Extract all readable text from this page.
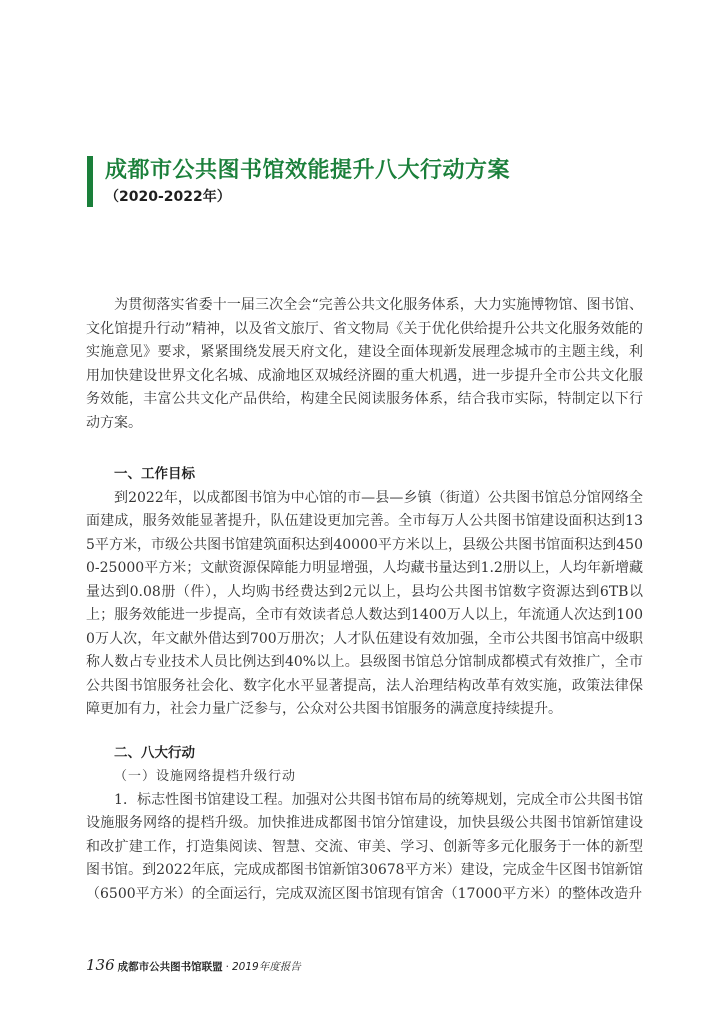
成都市公共图书馆效能提升八大行动方案
（2020-2022年）

为贯彻落实省委十一届三次全会“完善公共文化服务体系，大力实施博物馆、图书馆、文化馆提升行动”精神，以及省文旅厅、省文物局《关于优化供给提升公共文化服务效能的实施意见》要求，紧紧围绕发展天府文化，建设全面体现新发展理念城市的主题主线，利用加快建设世界文化名城、成渝地区双城经济圈的重大机遇，进一步提升全市公共文化服务效能，丰富公共文化产品供给，构建全民阅读服务体系，结合我市实际，特制定以下行动方案。

一、工作目标

到2022年，以成都图书馆为中心馆的市—县—乡镇（街道）公共图书馆总分馆网络全面建成，服务效能显著提升，队伍建设更加完善。全市每万人公共图书馆建设面积达到135平方米，市级公共图书馆建筑面积达到40000平方米以上，县级公共图书馆面积达到4500-25000平方米；文献资源保障能力明显增强，人均藏书量达到1.2册以上，人均年新增藏量达到0.08册（件），人均购书经费达到2元以上，县均公共图书馆数字资源达到6TB以上；服务效能进一步提高，全市有效读者总人数达到1400万人以上，年流通人次达到1000万人次，年文献外借达到700万册次；人才队伍建设有效加强，全市公共图书馆高中级职称人数占专业技术人员比例达到40%以上。县级图书馆总分馆制成都模式有效推广，全市公共图书馆服务社会化、数字化水平显著提高，法人治理结构改革有效实施，政策法律保障更加有力，社会力量广泛参与，公众对公共图书馆服务的满意度持续提升。

二、八大行动

（一）设施网络提档升级行动

1．标志性图书馆建设工程。加强对公共图书馆布局的统筹规划，完成全市公共图书馆设施服务网络的提档升级。加快推进成都图书馆分馆建设，加快县级公共图书馆新馆建设和改扩建工作，打造集阅读、智慧、交流、审美、学习、创新等多元化服务于一体的新型图书馆。到2022年底，完成成都图书馆新馆30678平方米）建设，完成金牛区图书馆新馆（6500平方米）的全面运行，完成双流区图书馆现有馆舍（17000平方米）的整体改造升

136 成都市公共图书馆联盟 · 2019年度报告
